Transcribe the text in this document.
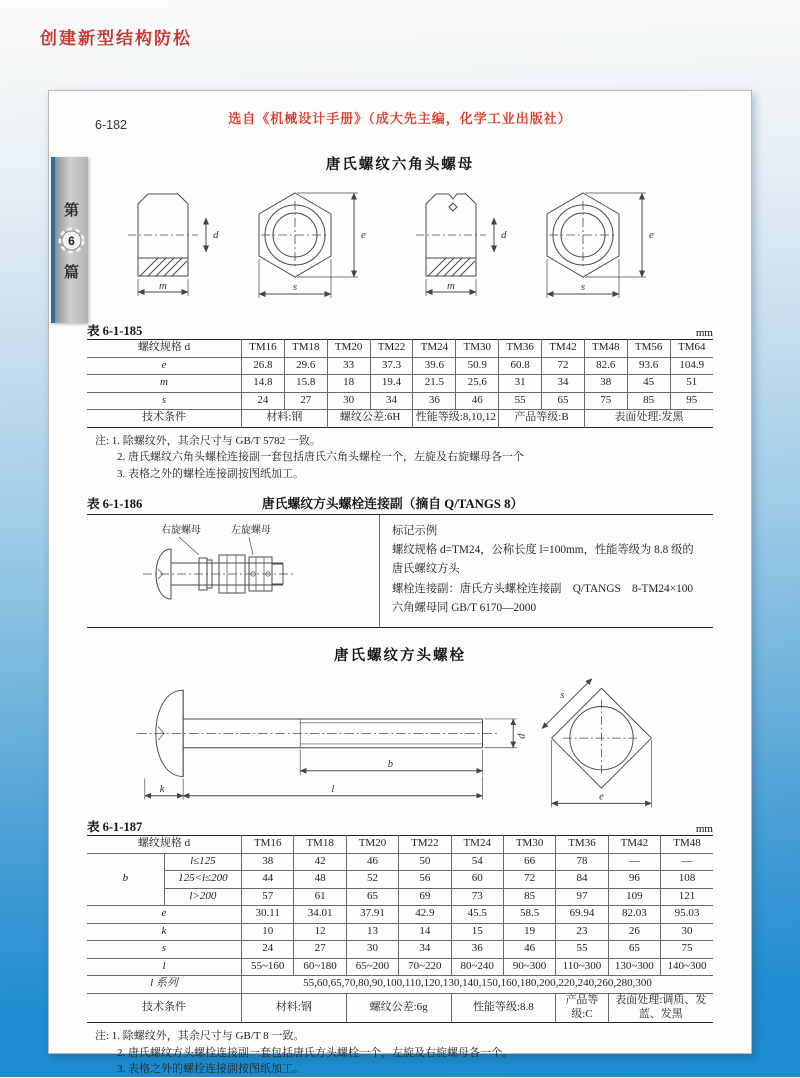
创建新型结构防松
第
6
篇
6-182	选自《机械设计手册》（成大先主编，化学工业出版社）
唐氏螺纹六角头螺母
d
m
e
s
d
m
e
s
表 6-1-185	mm
螺纹规格 d	TM16	TM18	TM20	TM22	TM24	TM30	TM36	TM42	TM48	TM56	TM64
e	26.8	29.6	33	37.3	39.6	50.9	60.8	72	82.6	93.6	104.9
m	14.8	15.8	18	19.4	21.5	25.6	31	34	38	45	51
s	24	27	30	34	36	46	55	65	75	85	95
技术条件	材料:钢		螺纹公差:6H		性能等级:8,10,12		产品等级:B		表面处理:发黑		
注: 1. 除螺纹外，其余尺寸与 GB/T 5782 一致。
2. 唐氏螺纹六角头螺栓连接副一套包括唐氏六角头螺栓一个，左旋及右旋螺母各一个
3. 表格之外的螺栓连接副按图纸加工。
表 6-1-186	唐氏螺纹方头螺栓连接副（摘自 Q/TANGS 8）
右旋螺母	左旋螺母	标记示例
螺纹规格 d=TM24，公称长度 l=100mm，性能等级为 8.8 级的唐氏螺纹方头
螺栓连接副：唐氏方头螺栓连接副　Q/TANGS　8-TM24×100
六角螺母同 GB/T 6170—2000
唐氏螺纹方头螺栓
k	l
b
d
s
e
表 6-1-187	mm
螺纹规格 d		TM16	TM18	TM20	TM22	TM24	TM30	TM36	TM42	TM48
b	l≤125	38	42	46	50	54	66	78	—	—
	125<l≤200	44	48	52	56	60	72	84	96	108
	l>200	57	61	65	69	73	85	97	109	121
e		30.11	34.01	37.91	42.9	45.5	58.5	69.94	82.03	95.03
k		10	12	13	14	15	19	23	26	30
s		24	27	30	34	36	46	55	65	75
l		55~160	60~180	65~200	70~220	80~240	90~300	110~300	130~300	140~300
l 系列		55,60,65,70,80,90,100,110,120,130,140,150,160,180,200,220,240,260,280,300								
技术条件		材料:钢		螺纹公差:6g		性能等级:8.8		产品等级:C	表面处理:调质、发蓝、发黑	
注: 1. 除螺纹外，其余尺寸与 GB/T 8 一致。
2. 唐氏螺纹方头螺栓连接副一套包括唐氏方头螺栓一个，左旋及右旋螺母各一个。
3. 表格之外的螺栓连接副按图纸加工。
